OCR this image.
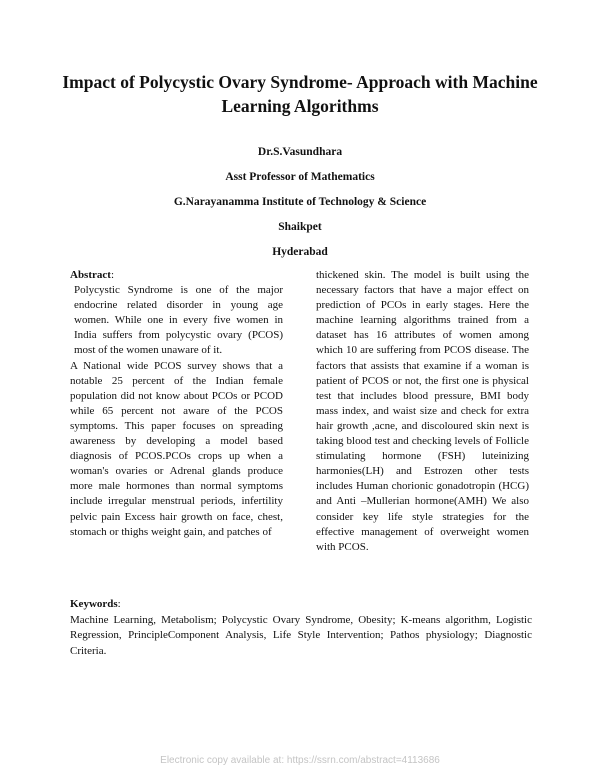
Impact of Polycystic Ovary Syndrome- Approach with Machine Learning Algorithms

Dr.S.Vasundhara

Asst Professor of Mathematics

G.Narayanamma Institute of Technology & Science

Shaikpet

Hyderabad

Abstract:

Polycystic Syndrome is one of the major endocrine related disorder in young age women. While one in every five women in India suffers from polycystic ovary (PCOS) most of the women unaware of it.

A National wide PCOS survey shows that a notable 25 percent of the Indian female population did not know about PCOs or PCOD while 65 percent not aware of the PCOS symptoms. This paper focuses on spreading awareness by developing a model based diagnosis of PCOS.PCOs crops up when a woman's ovaries or Adrenal glands produce more male hormones than normal symptoms include irregular menstrual periods, infertility pelvic pain Excess hair growth on face, chest, stomach or thighs weight gain, and patches of

thickened skin. The model is built using the necessary factors that have a major effect on prediction of PCOs in early stages. Here the machine learning algorithms trained from a dataset has 16 attributes of women among which 10 are suffering from PCOS disease. The factors that assists that examine if a woman is patient of PCOS or not, the first one is physical test that includes blood pressure, BMI body mass index, and waist size and check for extra hair growth ,acne, and discoloured skin next is taking blood test and checking levels of Follicle stimulating hormone (FSH) luteinizing harmonies(LH) and Estrozen other tests includes Human chorionic gonadotropin (HCG) and Anti –Mullerian hormone(AMH) We also consider key life style strategies for the effective management of overweight women with PCOS.

Keywords:
Machine Learning, Metabolism; Polycystic Ovary Syndrome, Obesity; K-means algorithm, Logistic Regression, PrincipleComponent Analysis, Life Style Intervention; Pathos physiology; Diagnostic Criteria.
Electronic copy available at: https://ssrn.com/abstract=4113686
